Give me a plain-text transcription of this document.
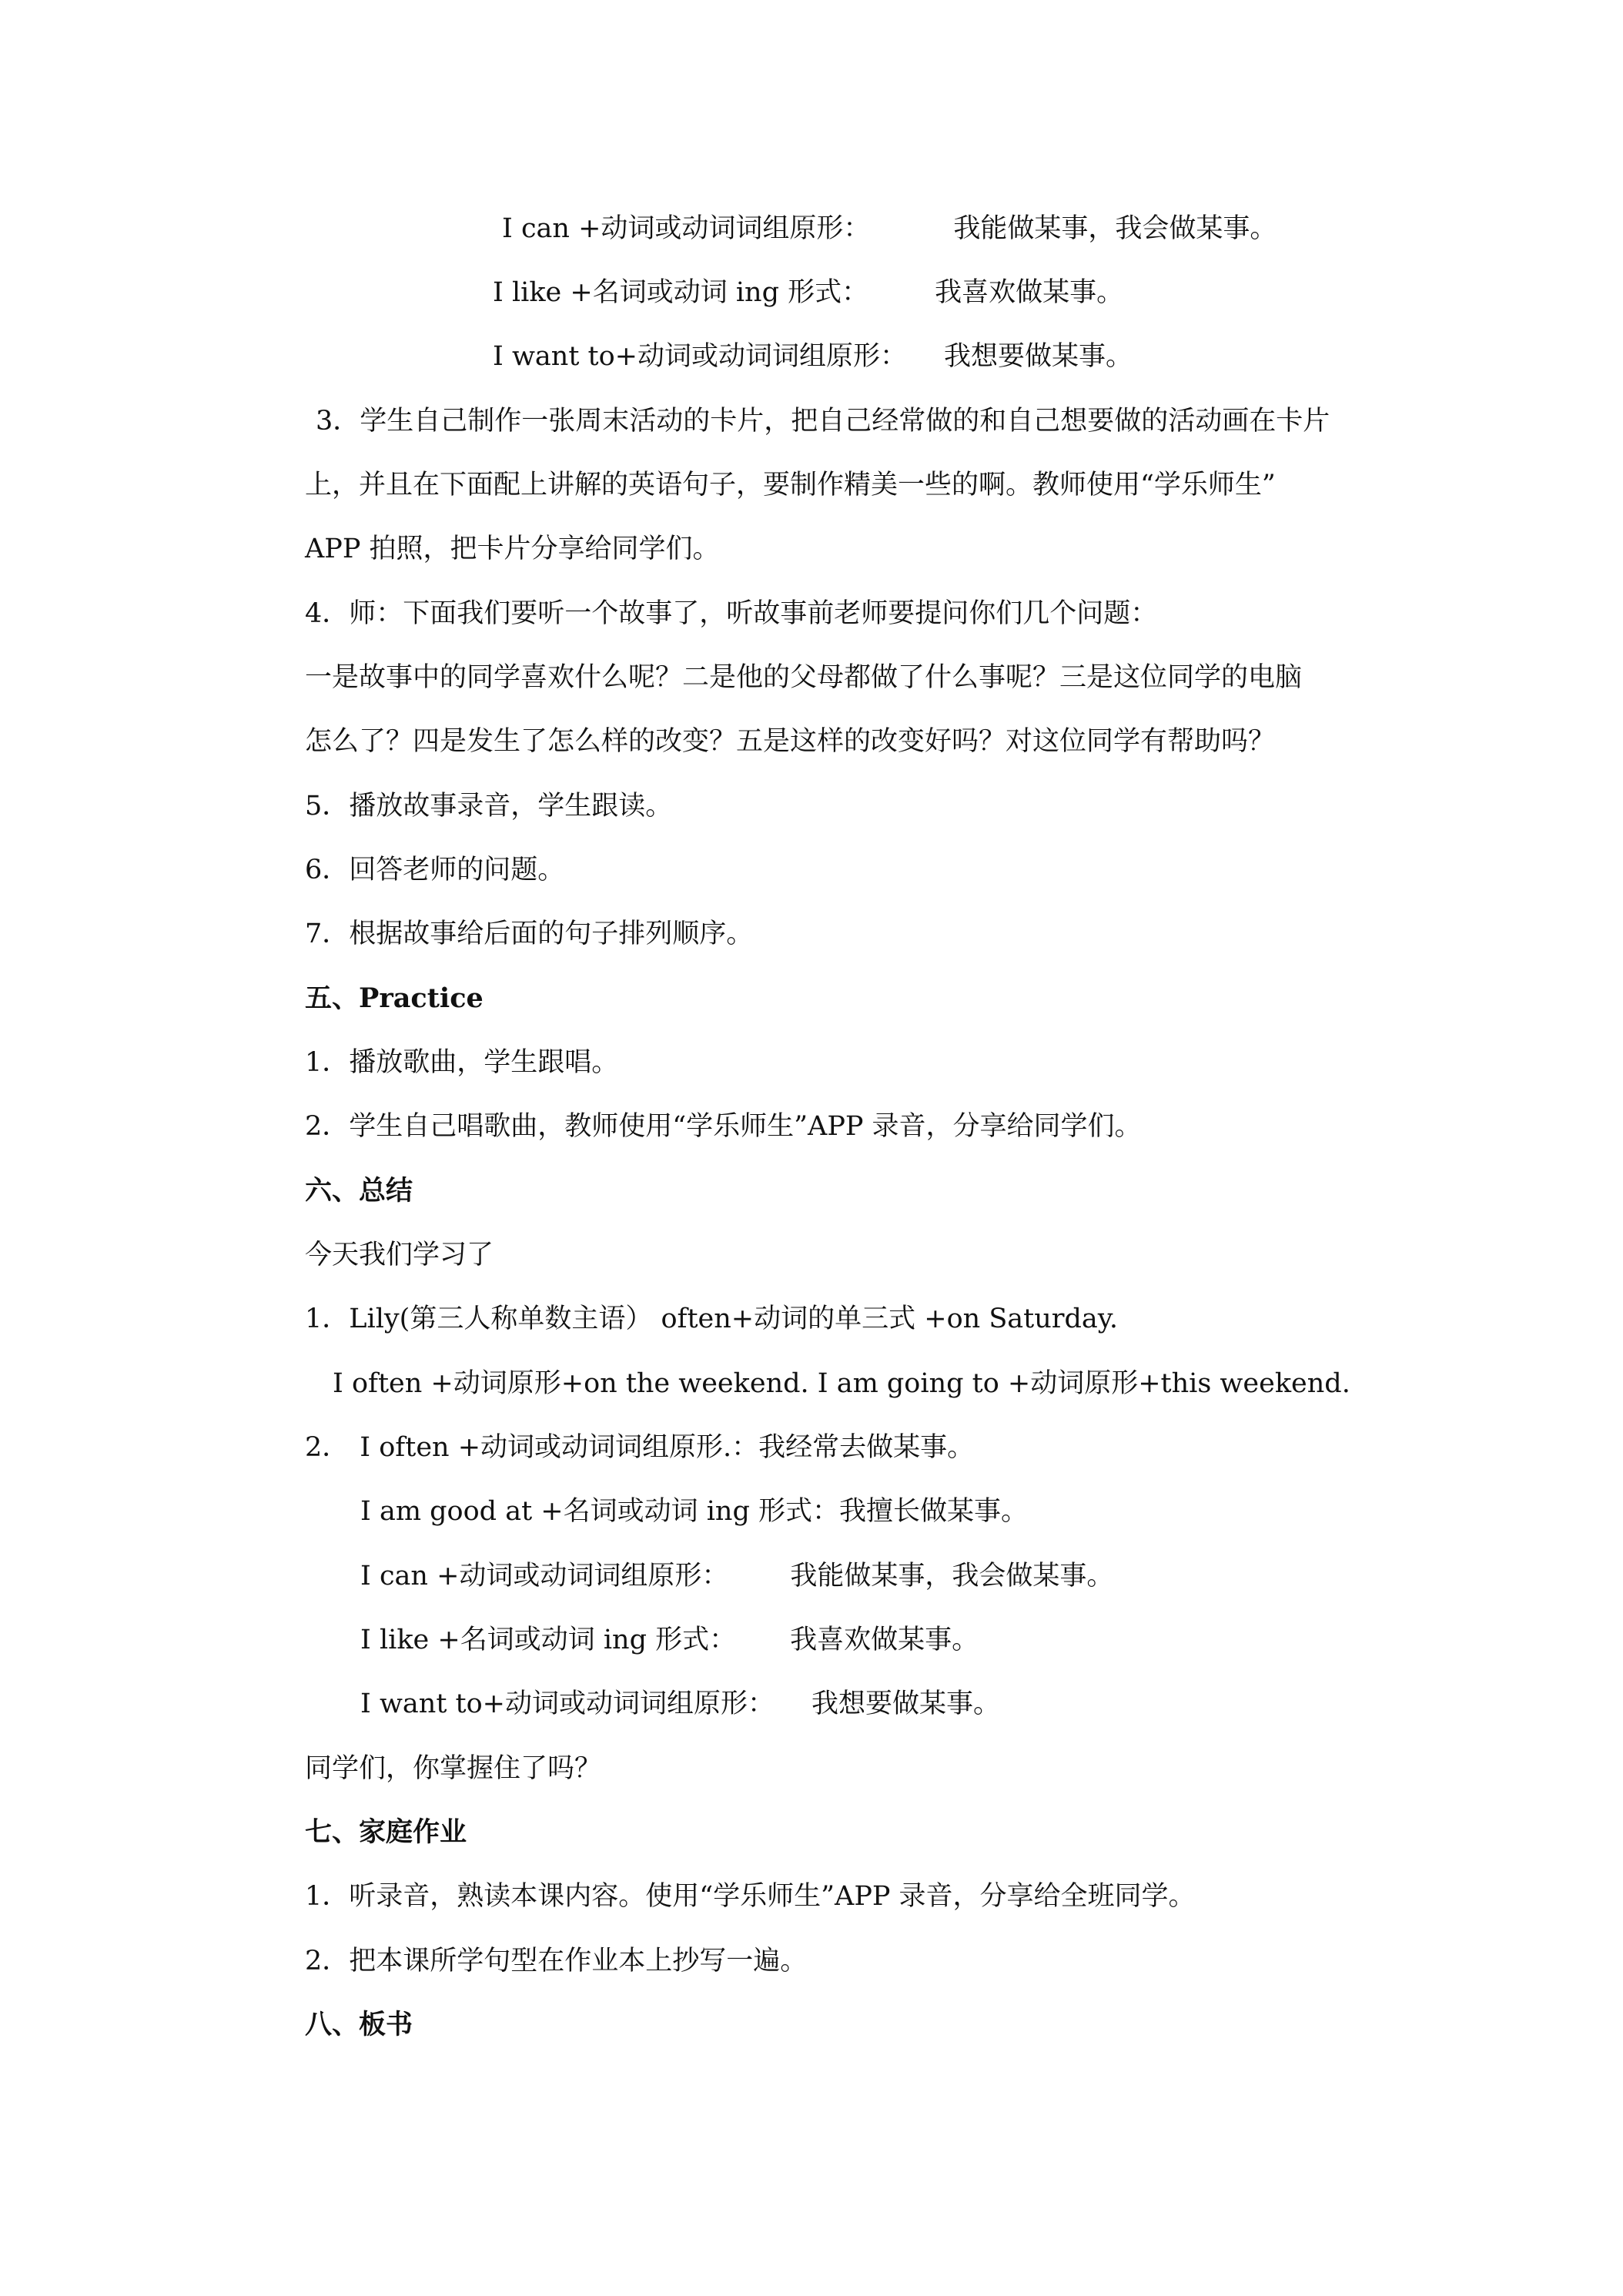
I can +动词或动词词组原形：	我能做某事，我会做某事。
I like +名词或动词 ing 形式： 我喜欢做某事。
I want to+动词或动词词组原形： 我想要做某事。
3．学生自己制作一张周末活动的卡片，把自己经常做的和自己想要做的活动画在卡片
上，并且在下面配上讲解的英语句子，要制作精美一些的啊。教师使用“学乐师生”
APP 拍照，把卡片分享给同学们。
4．师：下面我们要听一个故事了，听故事前老师要提问你们几个问题：
一是故事中的同学喜欢什么呢？二是他的父母都做了什么事呢？三是这位同学的电脑
怎么了？四是发生了怎么样的改变？五是这样的改变好吗？对这位同学有帮助吗？
5．播放故事录音，学生跟读。
6．回答老师的问题。
7．根据故事给后面的句子排列顺序。
五、Practice
1．播放歌曲，学生跟唱。
2．学生自己唱歌曲，教师使用“学乐师生”APP 录音，分享给同学们。
六、总结
今天我们学习了
1．Lily(第三人称单数主语） often+动词的单三式 +on Saturday.
I often +动词原形+on the weekend. I am going to +动词原形+this weekend.
2． I often +动词或动词词组原形.：我经常去做某事。
I am good at +名词或动词 ing 形式：我擅长做某事。
I can +动词或动词词组原形： 我能做某事，我会做某事。
I like +名词或动词 ing 形式： 我喜欢做某事。
I want to+动词或动词词组原形： 我想要做某事。
同学们，你掌握住了吗？
七、家庭作业
1．听录音，熟读本课内容。使用“学乐师生”APP 录音，分享给全班同学。
2．把本课所学句型在作业本上抄写一遍。
八、板书
